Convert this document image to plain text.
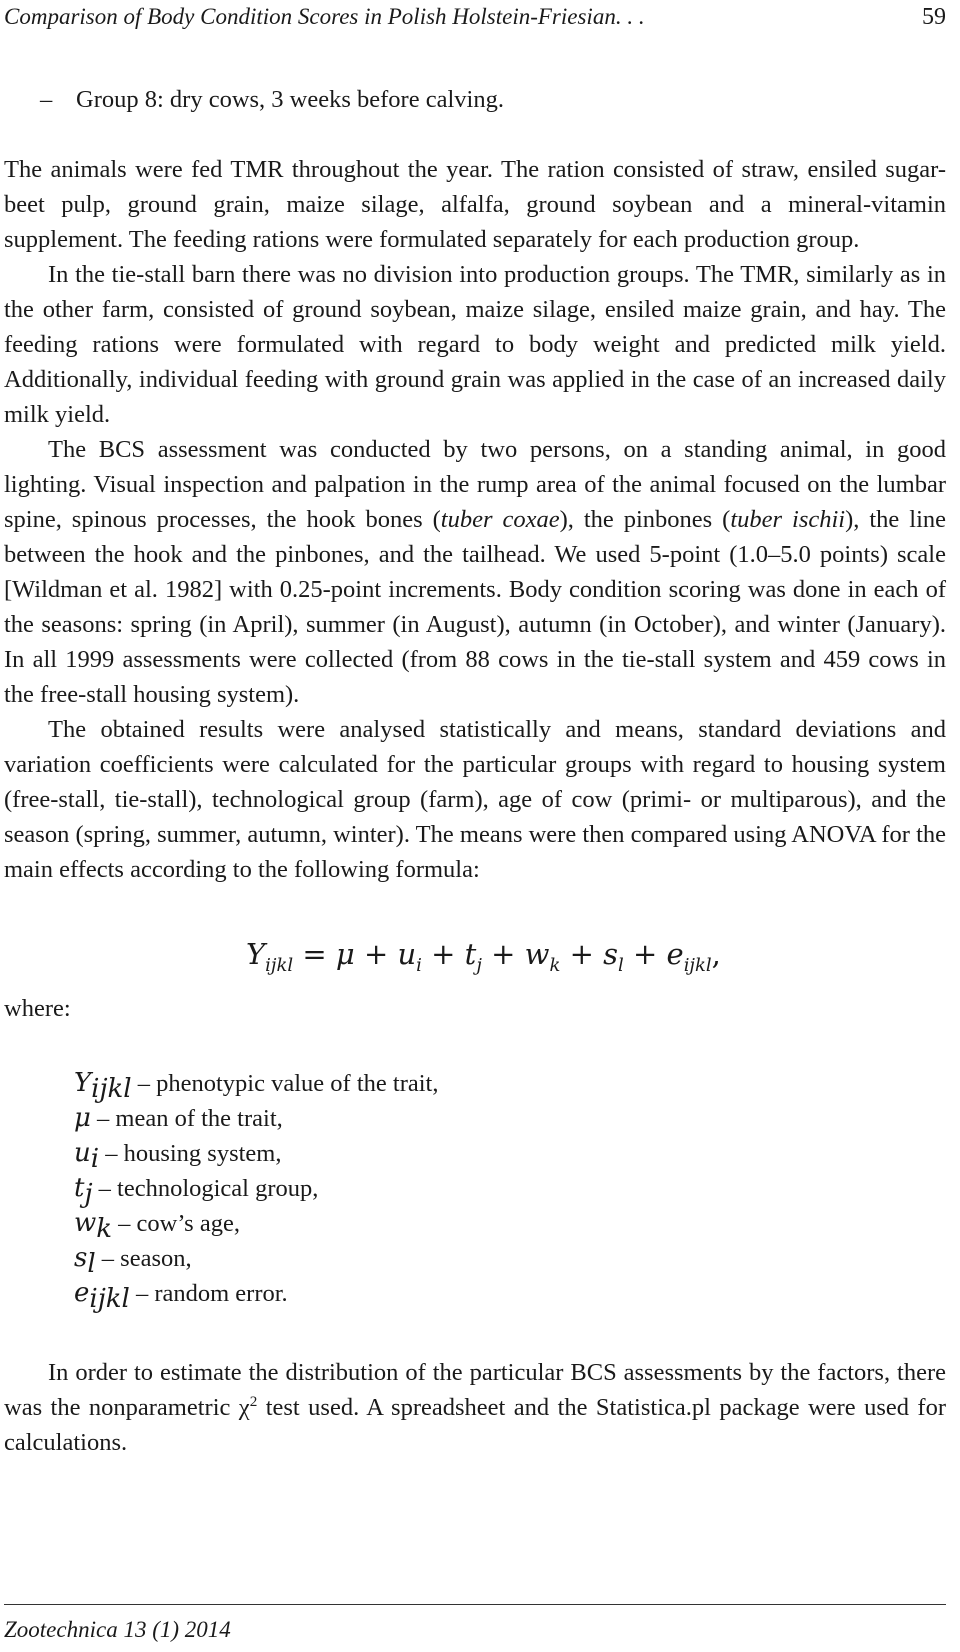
Comparison of Body Condition Scores in Polish Holstein-Friesian. . .	59
– Group 8: dry cows, 3 weeks before calving.

The animals were fed TMR throughout the year. The ration consisted of straw, ensiled sugar-beet pulp, ground grain, maize silage, alfalfa, ground soybean and a mineral-vitamin supplement. The feeding rations were formulated separately for each production group.

In the tie-stall barn there was no division into production groups. The TMR, similarly as in the other farm, consisted of ground soybean, maize silage, ensiled maize grain, and hay. The feeding rations were formulated with regard to body weight and predicted milk yield. Additionally, individual feeding with ground grain was applied in the case of an increased daily milk yield.

The BCS assessment was conducted by two persons, on a standing animal, in good lighting. Visual inspection and palpation in the rump area of the animal focused on the lumbar spine, spinous processes, the hook bones (tuber coxae), the pinbones (tuber ischii), the line between the hook and the pinbones, and the tailhead. We used 5-point (1.0–5.0 points) scale [Wildman et al. 1982] with 0.25-point increments. Body condition scoring was done in each of the seasons: spring (in April), summer (in August), autumn (in October), and winter (January). In all 1999 assessments were collected (from 88 cows in the tie-stall system and 459 cows in the free-stall housing system).

The obtained results were analysed statistically and means, standard deviations and variation coefficients were calculated for the particular groups with regard to housing system (free-stall, tie-stall), technological group (farm), age of cow (primi- or multiparous), and the season (spring, summer, autumn, winter). The means were then compared using ANOVA for the main effects according to the following formula:

$Y_{ijkl} = \mu + u_i + t_j + w_k + s_l + e_{ijkl}$,

where:

$Y_{ijkl}$ – phenotypic value of the trait,
μ – mean of the trait,
$u_i$ – housing system,
$t_j$ – technological group,
$w_k$ – cow’s age,
$s_l$ – season,
$e_{ijkl}$ – random error.

In order to estimate the distribution of the particular BCS assessments by the factors, there was the nonparametric $\chi^2$ test used. A spreadsheet and the Statistica.pl package were used for calculations.

Zootechnica 13 (1) 2014
